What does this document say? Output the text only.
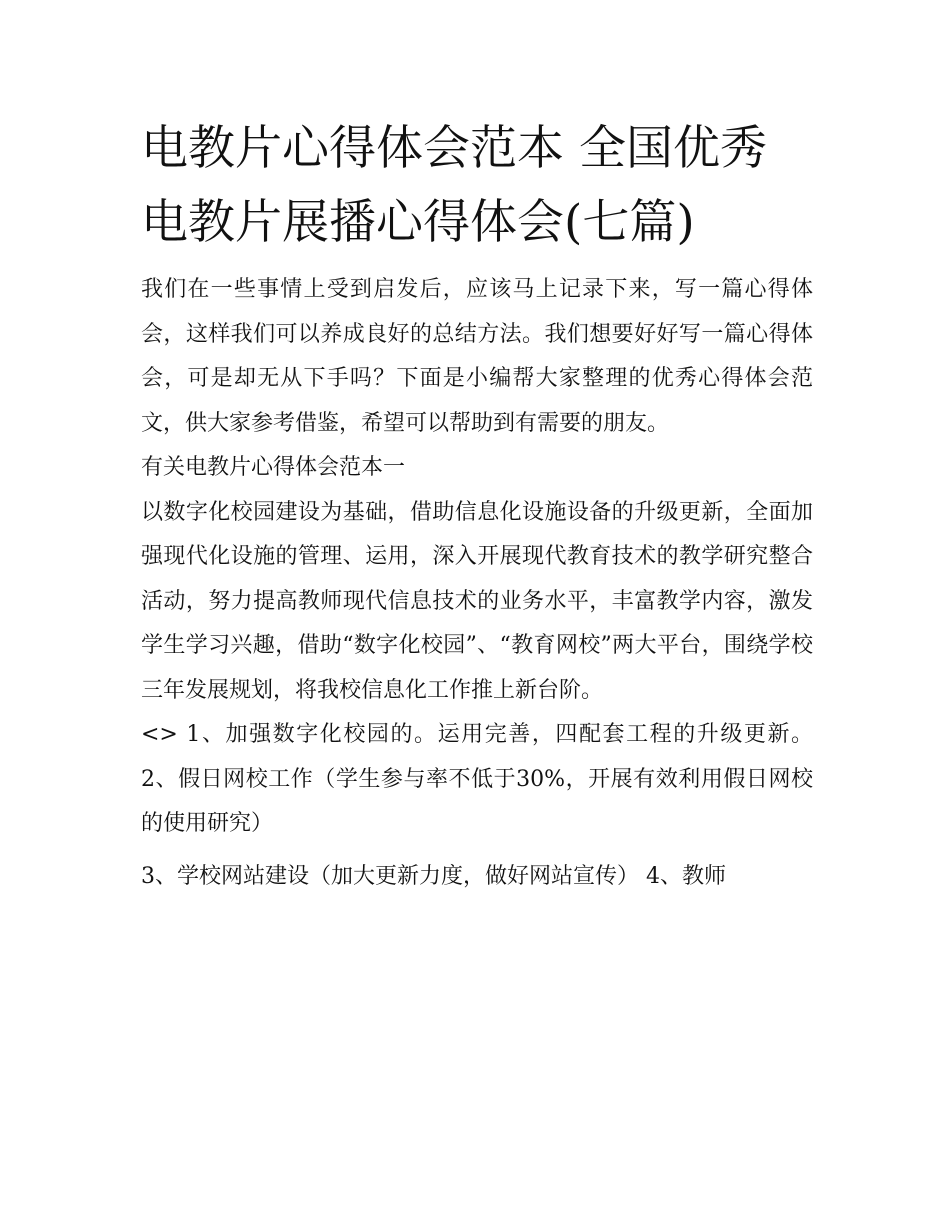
电教片心得体会范本 全国优秀
电教片展播心得体会(七篇)

我们在一些事情上受到启发后，应该马上记录下来，写一篇心得体会，这样我们可以养成良好的总结方法。我们想要好好写一篇心得体会，可是却无从下手吗？下面是小编帮大家整理的优秀心得体会范文，供大家参考借鉴，希望可以帮助到有需要的朋友。

有关电教片心得体会范本一

以数字化校园建设为基础，借助信息化设施设备的升级更新，全面加强现代化设施的管理、运用，深入开展现代教育技术的教学研究整合活动，努力提高教师现代信息技术的业务水平，丰富教学内容，激发学生学习兴趣，借助“数字化校园”、“教育网校”两大平台，围绕学校三年发展规划，将我校信息化工作推上新台阶。

<> 1、加强数字化校园的。运用完善，四配套工程的升级更新。 2、假日网校工作（学生参与率不低于30%，开展有效利用假日网校的使用研究）

3、学校网站建设（加大更新力度，做好网站宣传） 4、教师
